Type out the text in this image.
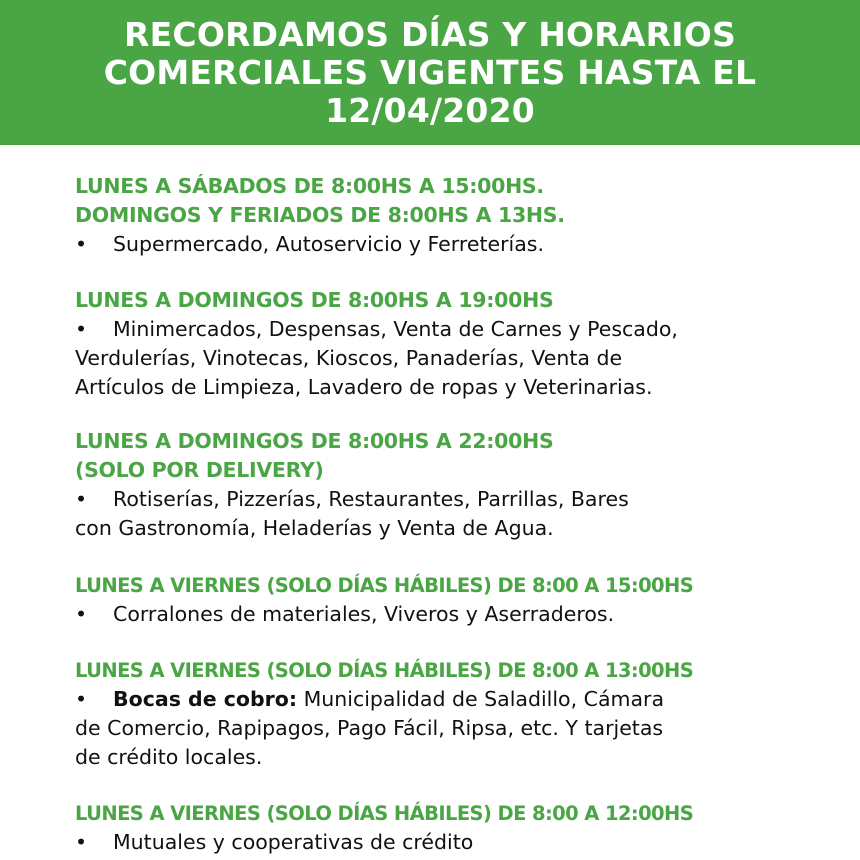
RECORDAMOS DÍAS Y HORARIOS
COMERCIALES VIGENTES HASTA EL
12/04/2020
LUNES A SÁBADOS DE 8:00HS A 15:00HS.
DOMINGOS Y FERIADOS DE 8:00HS A 13HS.
• Supermercado, Autoservicio y Ferreterías.
LUNES A DOMINGOS DE 8:00HS A 19:00HS
• Minimercados, Despensas, Venta de Carnes y Pescado,
Verdulerías, Vinotecas, Kioscos, Panaderías, Venta de
Artículos de Limpieza, Lavadero de ropas y Veterinarias.
LUNES A DOMINGOS DE 8:00HS A 22:00HS
(SOLO POR DELIVERY)
• Rotiserías, Pizzerías, Restaurantes, Parrillas, Bares
con Gastronomía, Heladerías y Venta de Agua.
LUNES A VIERNES (SOLO DÍAS HÁBILES) DE 8:00 A 15:00HS
• Corralones de materiales, Viveros y Aserraderos.
LUNES A VIERNES (SOLO DÍAS HÁBILES) DE 8:00 A 13:00HS
• Bocas de cobro: Municipalidad de Saladillo, Cámara
de Comercio, Rapipagos, Pago Fácil, Ripsa, etc. Y tarjetas
de crédito locales.
LUNES A VIERNES (SOLO DÍAS HÁBILES) DE 8:00 A 12:00HS
• Mutuales y cooperativas de crédito
